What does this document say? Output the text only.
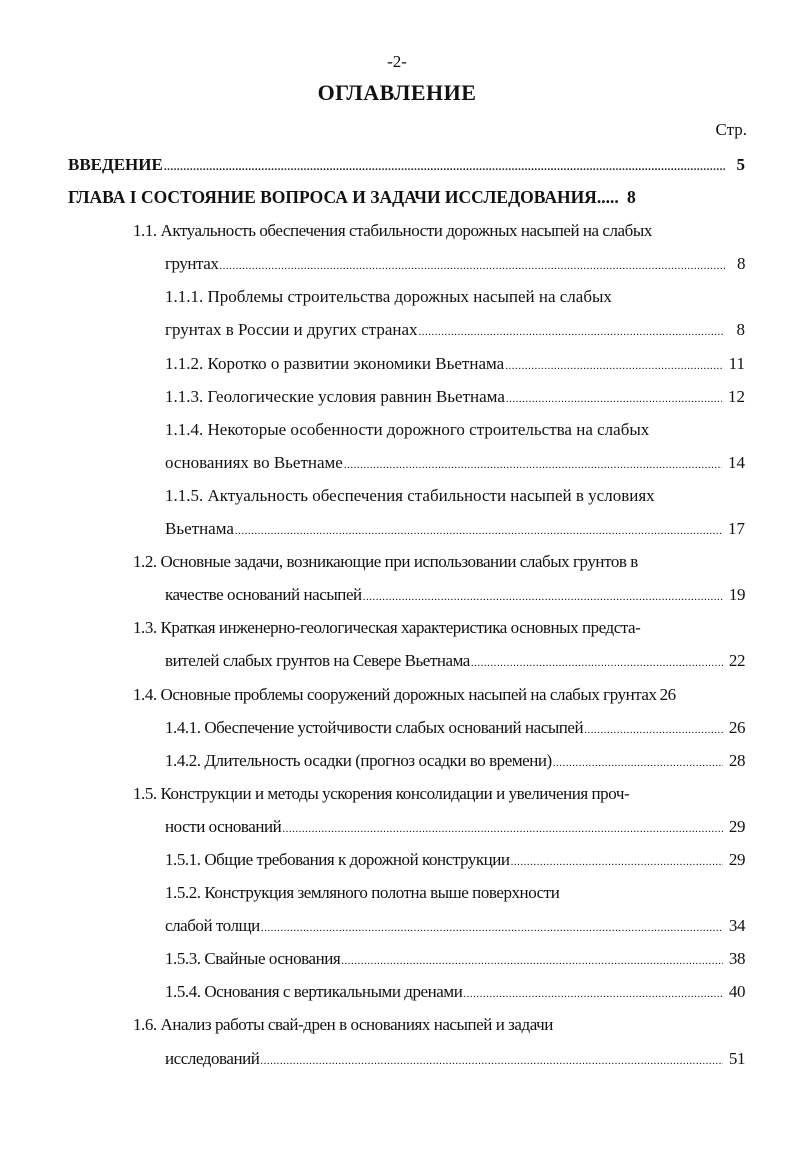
-2-
ОГЛАВЛЕНИЕ
Стр.
ВВЕДЕНИЕ .....	5
ГЛАВА I СОСТОЯНИЕ ВОПРОСА И ЗАДАЧИ ИССЛЕДОВАНИЯ..... 8
1.1. Актуальность обеспечения стабильности дорожных насыпей на слабых
грунтах .....	8
1.1.1. Проблемы строительства дорожных насыпей на слабых
грунтах в России и других странах .....	8
1.1.2. Коротко о развитии экономики Вьетнама .....	11
1.1.3. Геологические условия равнин Вьетнама .....	12
1.1.4. Некоторые особенности дорожного строительства на слабых
основаниях во Вьетнаме .....	14
1.1.5. Актуальность обеспечения стабильности насыпей в условиях
Вьетнама .....	17
1.2. Основные задачи, возникающие при использовании слабых грунтов в
качестве оснований насыпей .....	19
1.3. Краткая инженерно-геологическая характеристика основных предста-
вителей слабых грунтов на Севере Вьетнама .....	22
1.4. Основные проблемы сооружений дорожных насыпей на слабых грунтах 26
1.4.1. Обеспечение устойчивости слабых оснований насыпей .....	26
1.4.2. Длительность осадки (прогноз осадки во времени) .....	28
1.5. Конструкции и методы ускорения консолидации и увеличения проч-
ности оснований .....	29
1.5.1. Общие требования к дорожной конструкции .....	29
1.5.2. Конструкция земляного полотна выше поверхности
слабой толщи .....	34
1.5.3. Свайные основания .....	38
1.5.4. Основания с вертикальными дренами .....	40
1.6. Анализ работы свай-дрен в основаниях насыпей и задачи
исследований .....	51
